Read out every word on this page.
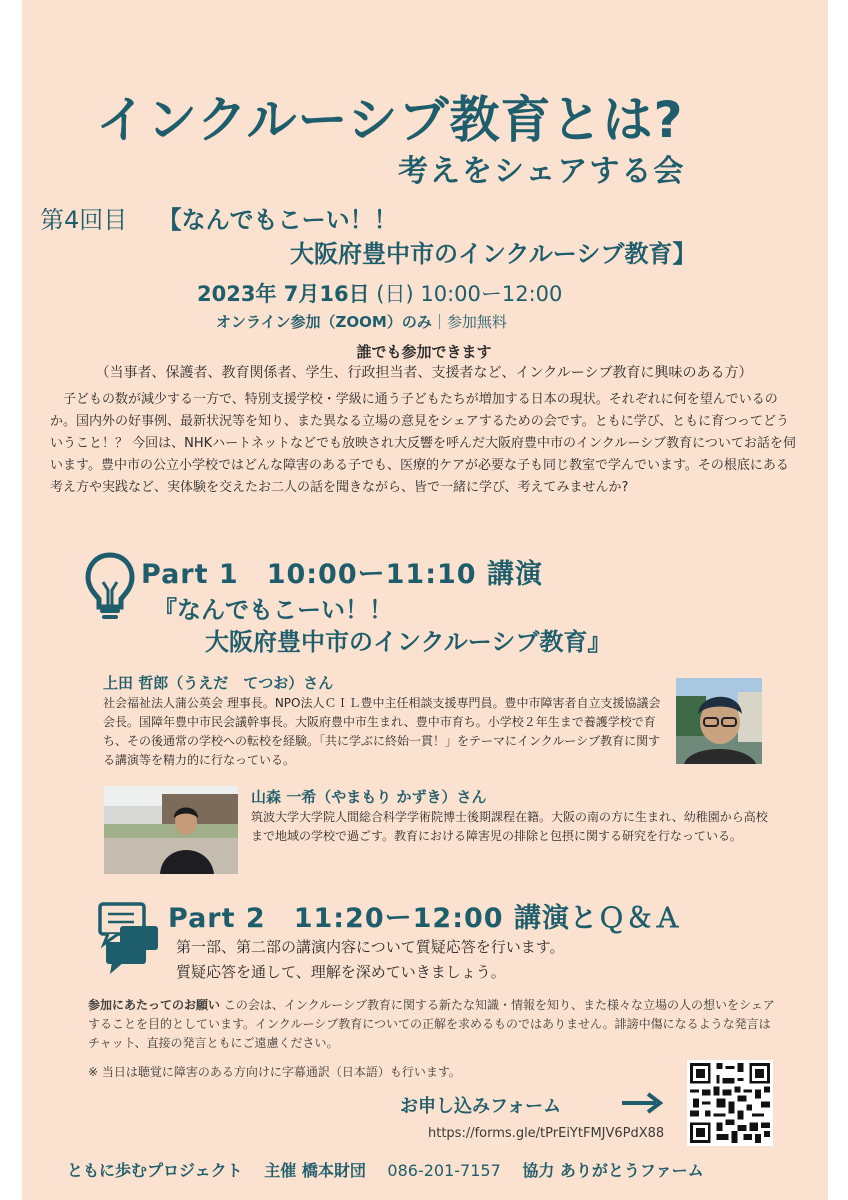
インクルーシブ教育とは?
考えをシェアする会
第4回目 【なんでもこーい！！
大阪府豊中市のインクルーシブ教育】
2023年 7月16日 (日) 10:00ー12:00
オンライン参加（ZOOM）のみ｜参加無料
誰でも参加できます
（当事者、保護者、教育関係者、学生、行政担当者、支援者など、インクルーシブ教育に興味のある方）
　子どもの数が減少する一方で、特別支援学校・学級に通う子どもたちが増加する日本の現状。それぞれに何を望んでいるのか。国内外の好事例、最新状況等を知り、また異なる立場の意見をシェアするための会です。ともに学び、ともに育つってどういうこと！？ 今回は、NHKハートネットなどでも放映され大反響を呼んだ大阪府豊中市のインクルーシブ教育についてお話を伺います。豊中市の公立小学校ではどんな障害のある子でも、医療的ケアが必要な子も同じ教室で学んでいます。その根底にある考え方や実践など、実体験を交えたお二人の話を聞きながら、皆で一緒に学び、考えてみませんか?
Part 1　10:00ー11:10 講演
『なんでもこーい！！
大阪府豊中市のインクルーシブ教育』
上田 哲郎（うえだ　てつお）さん
社会福祉法人蒲公英会 理事長。NPO法人ＣＩＬ豊中主任相談支援専門員。豊中市障害者自立支援協議会 会長。国障年豊中市民会議幹事長。大阪府豊中市生まれ、豊中市育ち。小学校２年生まで養護学校で育ち、その後通常の学校への転校を経験。「共に学ぶに終始一貫！」をテーマにインクルーシブ教育に関する講演等を精力的に行なっている。
山森 一希（やまもり かずき）さん
筑波大学大学院人間総合科学学術院博士後期課程在籍。大阪の南の方に生まれ、幼稚園から高校まで地域の学校で過ごす。教育における障害児の排除と包摂に関する研究を行なっている。
Part 2　11:20ー12:00 講演とＱ＆Ａ
第一部、第二部の講演内容について質疑応答を行います。
質疑応答を通して、理解を深めていきましょう。
参加にあたってのお願い この会は、インクルーシブ教育に関する新たな知識・情報を知り、また様々な立場の人の想いをシェアすることを目的としています。インクルーシブ教育についての正解を求めるものではありません。誹謗中傷になるような発言はチャット、直接の発言ともにご遠慮ください。
※ 当日は聴覚に障害のある方向けに字幕通訳（日本語）も行います。
お申し込みフォーム
https://forms.gle/tPrEiYtFMJV6PdX88
ともに歩むプロジェクト 主催 橋本財団 086-201-7157 協力 ありがとうファーム
